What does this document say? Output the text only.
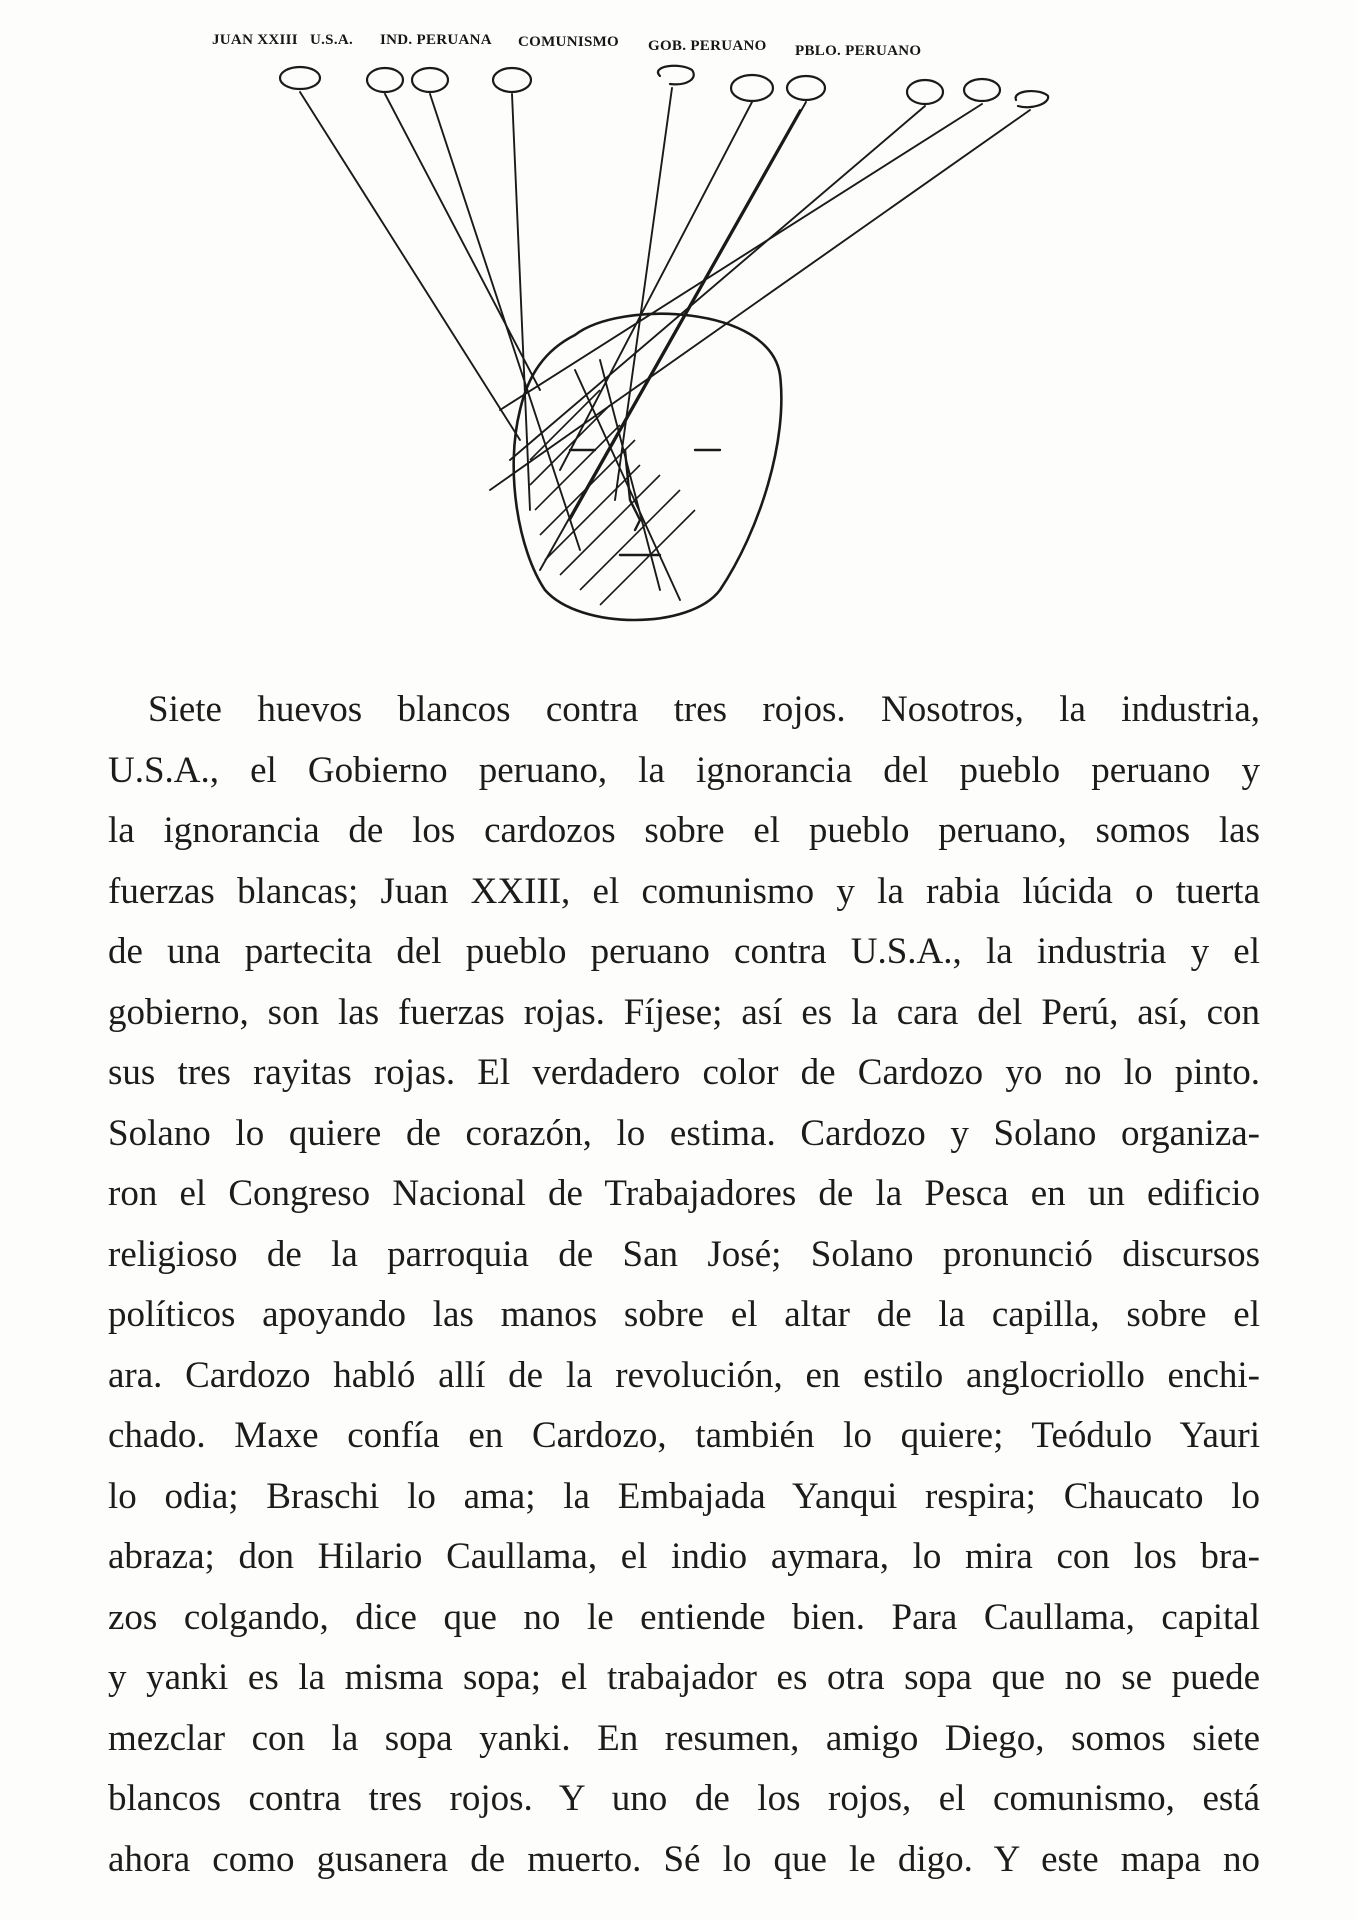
JUAN XXIII U.S.A. IND. PERUANA COMUNISMO GOB. PERUANO PBLO. PERUANO
Siete huevos blancos contra tres rojos. Nosotros, la industria,
U.S.A., el Gobierno peruano, la ignorancia del pueblo peruano y
la ignorancia de los cardozos sobre el pueblo peruano, somos las
fuerzas blancas; Juan XXIII, el comunismo y la rabia lúcida o tuerta
de una partecita del pueblo peruano contra U.S.A., la industria y el
gobierno, son las fuerzas rojas. Fíjese; así es la cara del Perú, así, con
sus tres rayitas rojas. El verdadero color de Cardozo yo no lo pinto.
Solano lo quiere de corazón, lo estima. Cardozo y Solano organiza-
ron el Congreso Nacional de Trabajadores de la Pesca en un edificio
religioso de la parroquia de San José; Solano pronunció discursos
políticos apoyando las manos sobre el altar de la capilla, sobre el
ara. Cardozo habló allí de la revolución, en estilo anglocriollo enchi-
chado. Maxe confía en Cardozo, también lo quiere; Teódulo Yauri
lo odia; Braschi lo ama; la Embajada Yanqui respira; Chaucato lo
abraza; don Hilario Caullama, el indio aymara, lo mira con los bra-
zos colgando, dice que no le entiende bien. Para Caullama, capital
y yanki es la misma sopa; el trabajador es otra sopa que no se puede
mezclar con la sopa yanki. En resumen, amigo Diego, somos siete
blancos contra tres rojos. Y uno de los rojos, el comunismo, está
ahora como gusanera de muerto. Sé lo que le digo. Y este mapa no
